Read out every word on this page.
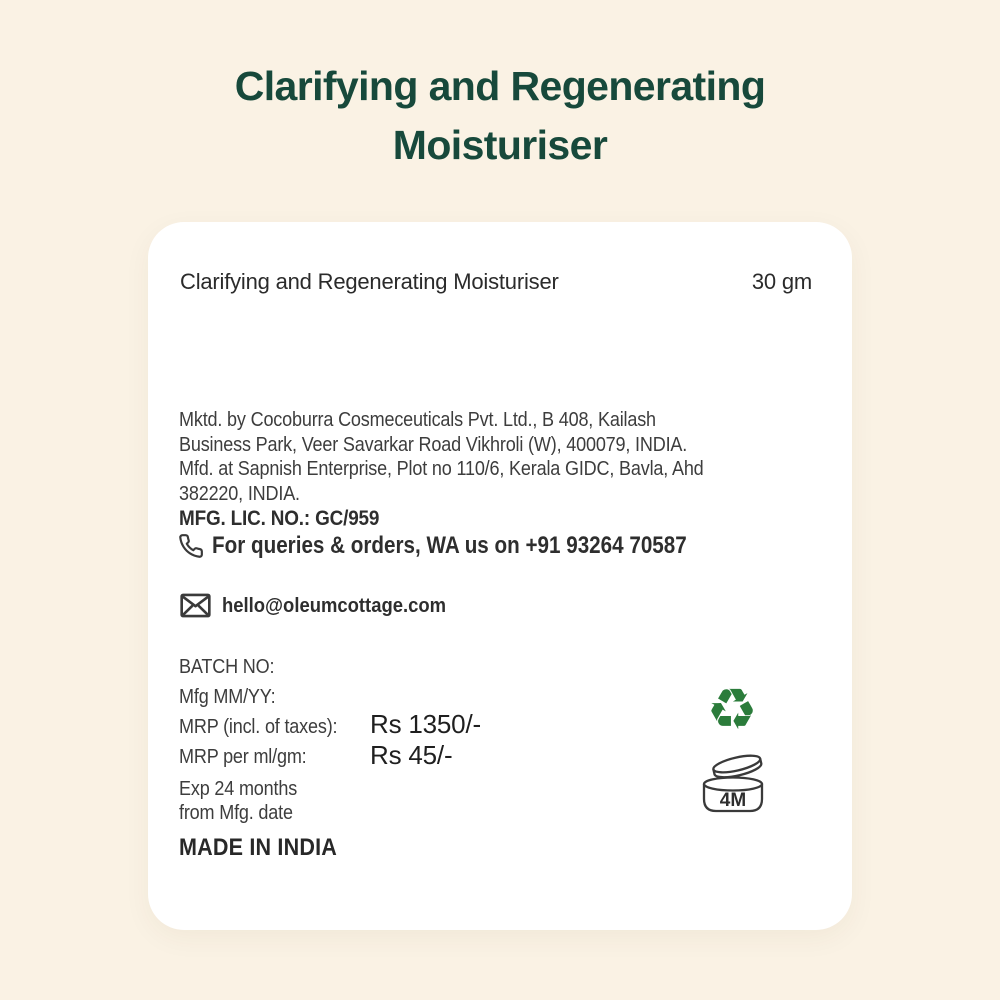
Clarifying and Regenerating
Moisturiser
Clarifying and Regenerating Moisturiser	30 gm
Mktd. by Cocoburra Cosmeceuticals Pvt. Ltd., B 408, Kailash
Business Park, Veer Savarkar Road Vikhroli (W), 400079, INDIA.
Mfd. at Sapnish Enterprise, Plot no 110/6, Kerala GIDC, Bavla, Ahd
382220, INDIA.
MFG. LIC. NO.: GC/959
For queries & orders, WA us on +91 93264 70587
hello@oleumcottage.com
BATCH NO:
Mfg MM/YY:
MRP (incl. of taxes):
MRP per ml/gm:
Rs 1350/-
Rs 45/-
Exp 24 months
from Mfg. date
MADE IN INDIA
♻
4M
